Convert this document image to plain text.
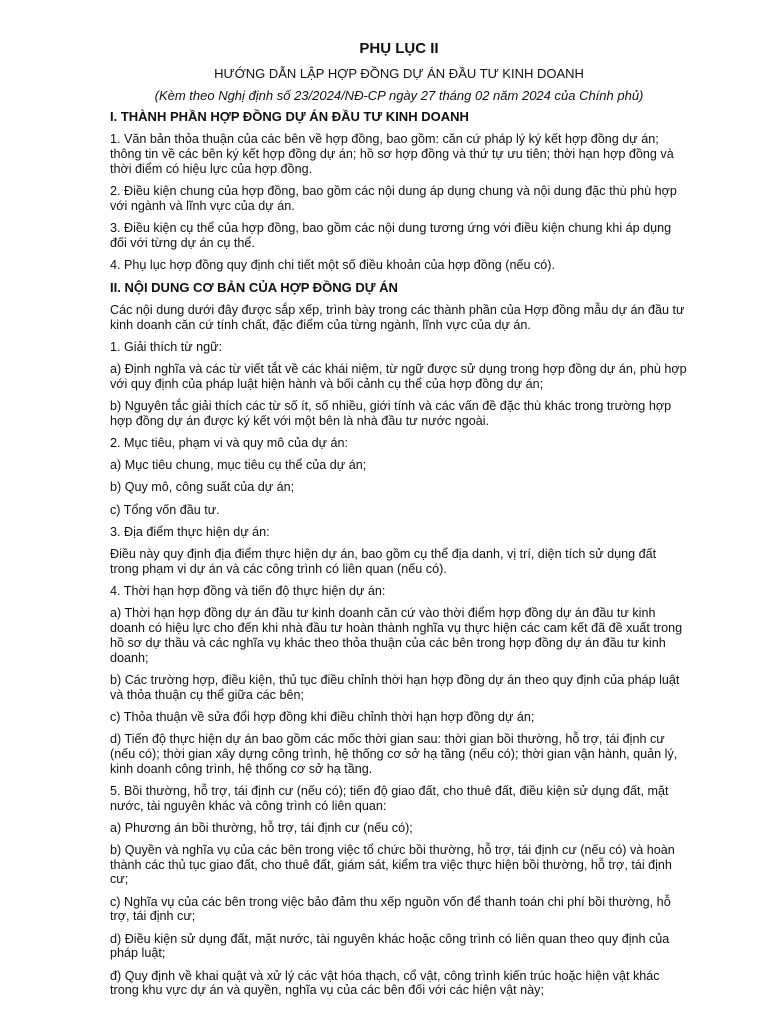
PHỤ LỤC II
HƯỚNG DẪN LẬP HỢP ĐỒNG DỰ ÁN ĐẦU TƯ KINH DOANH
(Kèm theo Nghị định số 23/2024/NĐ-CP ngày 27 tháng 02 năm 2024 của Chính phủ)
I. THÀNH PHẦN HỢP ĐỒNG DỰ ÁN ĐẦU TƯ KINH DOANH

1. Văn bản thỏa thuận của các bên về hợp đồng, bao gồm: căn cứ pháp lý ký kết hợp đồng dự án; thông tin về các bên ký kết hợp đồng dự án; hồ sơ hợp đồng và thứ tự ưu tiên; thời hạn hợp đồng và thời điểm có hiệu lực của hợp đồng.

2. Điều kiện chung của hợp đồng, bao gồm các nội dung áp dụng chung và nội dung đặc thù phù hợp với ngành và lĩnh vực của dự án.

3. Điều kiện cụ thể của hợp đồng, bao gồm các nội dung tương ứng với điều kiện chung khi áp dụng đối với từng dự án cụ thể.

4. Phụ lục hợp đồng quy định chi tiết một số điều khoản của hợp đồng (nếu có).

II. NỘI DUNG CƠ BẢN CỦA HỢP ĐỒNG DỰ ÁN

Các nội dung dưới đây được sắp xếp, trình bày trong các thành phần của Hợp đồng mẫu dự án đầu tư kinh doanh căn cứ tính chất, đặc điểm của từng ngành, lĩnh vực của dự án.

1. Giải thích từ ngữ:

a) Định nghĩa và các từ viết tắt về các khái niệm, từ ngữ được sử dụng trong hợp đồng dự án, phù hợp với quy định của pháp luật hiện hành và bối cảnh cụ thể của hợp đồng dự án;

b) Nguyên tắc giải thích các từ số ít, số nhiều, giới tính và các vấn đề đặc thù khác trong trường hợp hợp đồng dự án được ký kết với một bên là nhà đầu tư nước ngoài.

2. Mục tiêu, phạm vi và quy mô của dự án:

a) Mục tiêu chung, mục tiêu cụ thể của dự án;

b) Quy mô, công suất của dự án;

c) Tổng vốn đầu tư.

3. Địa điểm thực hiện dự án:

Điều này quy định địa điểm thực hiện dự án, bao gồm cụ thể địa danh, vị trí, diện tích sử dụng đất trong phạm vi dự án và các công trình có liên quan (nếu có).

4. Thời hạn hợp đồng và tiến độ thực hiện dự án:

a) Thời hạn hợp đồng dự án đầu tư kinh doanh căn cứ vào thời điểm hợp đồng dự án đầu tư kinh doanh có hiệu lực cho đến khi nhà đầu tư hoàn thành nghĩa vụ thực hiện các cam kết đã đề xuất trong hồ sơ dự thầu và các nghĩa vụ khác theo thỏa thuận của các bên trong hợp đồng dự án đầu tư kinh doanh;

b) Các trường hợp, điều kiện, thủ tục điều chỉnh thời hạn hợp đồng dự án theo quy định của pháp luật và thỏa thuận cụ thể giữa các bên;

c) Thỏa thuận về sửa đổi hợp đồng khi điều chỉnh thời hạn hợp đồng dự án;

d) Tiến độ thực hiện dự án bao gồm các mốc thời gian sau: thời gian bồi thường, hỗ trợ, tái định cư (nếu có); thời gian xây dựng công trình, hệ thống cơ sở hạ tầng (nếu có); thời gian vận hành, quản lý, kinh doanh công trình, hệ thống cơ sở hạ tầng.

5. Bồi thường, hỗ trợ, tái định cư (nếu có); tiến độ giao đất, cho thuê đất, điều kiện sử dụng đất, mặt nước, tài nguyên khác và công trình có liên quan:

a) Phương án bồi thường, hỗ trợ, tái định cư (nếu có);

b) Quyền và nghĩa vụ của các bên trong việc tổ chức bồi thường, hỗ trợ, tái định cư (nếu có) và hoàn thành các thủ tục giao đất, cho thuê đất, giám sát, kiểm tra việc thực hiện bồi thường, hỗ trợ, tái định cư;

c) Nghĩa vụ của các bên trong việc bảo đảm thu xếp nguồn vốn để thanh toán chi phí bồi thường, hỗ trợ, tái định cư;

d) Điều kiện sử dụng đất, mặt nước, tài nguyên khác hoặc công trình có liên quan theo quy định của pháp luật;

đ) Quy định về khai quật và xử lý các vật hóa thạch, cổ vật, công trình kiến trúc hoặc hiện vật khác trong khu vực dự án và quyền, nghĩa vụ của các bên đối với các hiện vật này;
